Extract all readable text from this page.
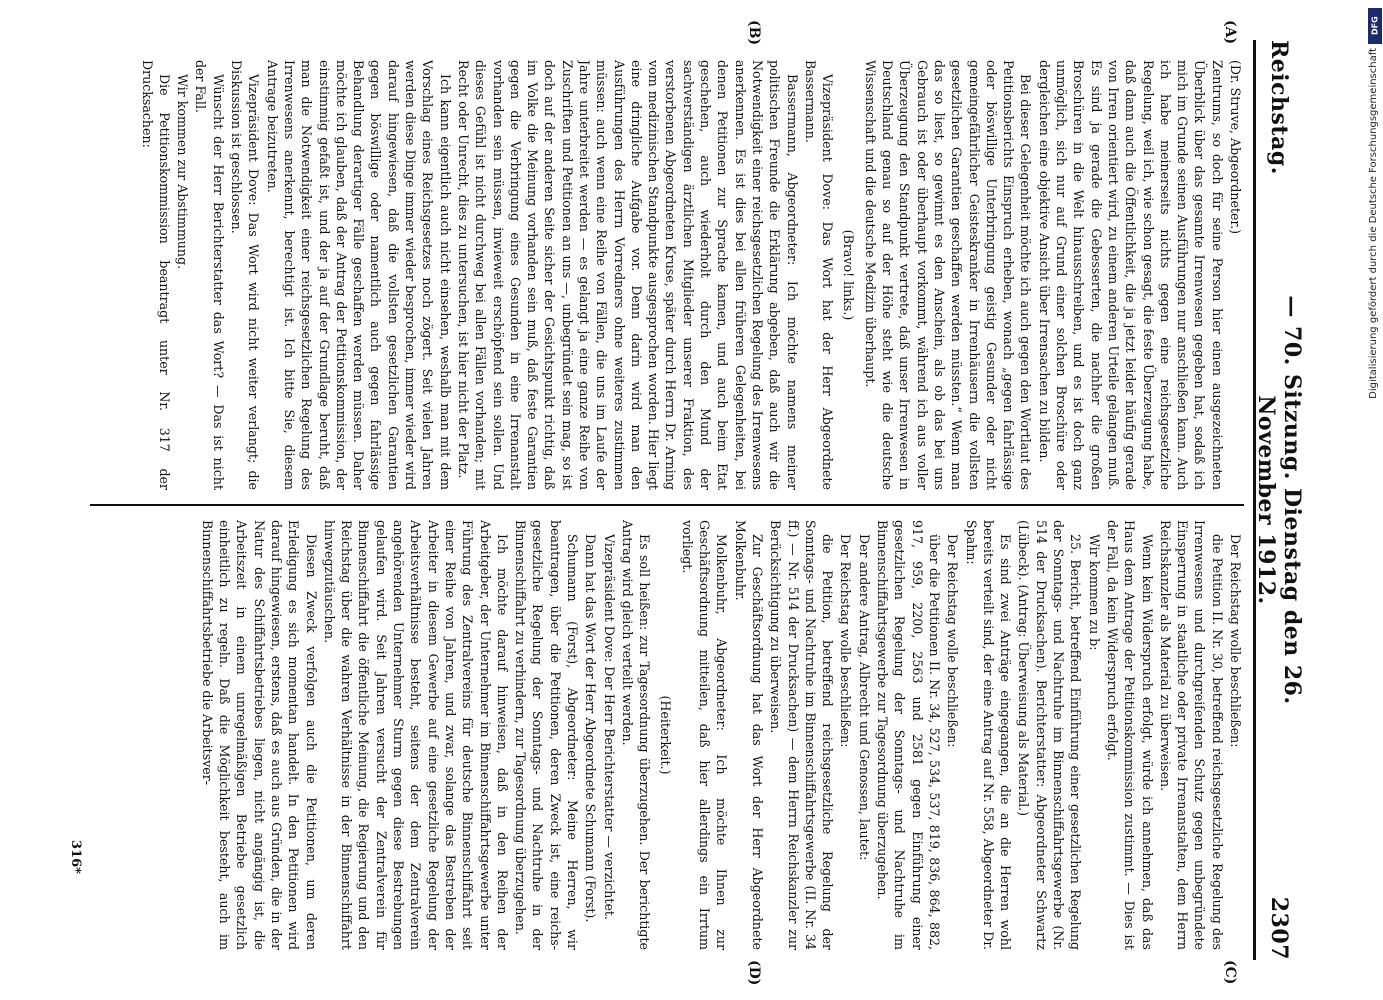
Reichstag.
— 70. Sitzung. Dienstag den 26. November 1912.
2307
(A)
(B)
(C)
(D)

(Dr. Struve, Abgeordneter.)

Zentrums, so doch für seine Person hier einen ausgezeichneten Überblick über das gesamte Irrenwesen gegeben hat, sodaß ich mich im Grunde seinen Ausführungen nur anschließen kann. Auch ich habe meinerseits nichts gegen eine reichsgesetzliche Regelung, weil ich, wie schon gesagt, die feste Überzeugung habe, daß dann auch die Öffentlichkeit, die ja jetzt leider häufig gerade von Irren orientiert wird, zu einem anderen Urteile gelangen muß. Es sind ja gerade die Gebesserten, die nachher die großen Broschüren in die Welt hinausschreiben, und es ist doch ganz unmöglich, sich nur auf Grund einer solchen Broschüre oder dergleichen eine objektive Ansicht über Irrensachen zu bilden.

Bei dieser Gelegenheit möchte ich auch gegen den Wortlaut des Petitionsberichts Einspruch erheben, wonach „gegen fahrlässige oder böswillige Unterbringung geistig Gesunder oder nicht gemeingefährlicher Geisteskranker in Irrenhäusern die vollsten gesetzlichen Garantien geschaffen werden müssten.“ Wenn man das so liest, so gewinnt es den Anschein, als ob das bei uns Gebrauch ist oder überhaupt vorkommt, während ich aus voller Überzeugung den Standpunkt vertrete, daß unser Irrenwesen in Deutschland genau so auf der Höhe steht wie die deutsche Wissenschaft und die deutsche Medizin überhaupt.

(Bravo! links.)

Vizepräsident Dove: Das Wort hat der Herr Abgeordnete Bassermann.

Bassermann, Abgeordneter: Ich möchte namens meiner politischen Freunde die Erklärung abgeben, daß auch wir die Notwendigkeit einer reichsgesetzlichen Regelung des Irrenwesens anerkennen. Es ist dies bei allen früheren Gelegenheiten, bei denen Petitionen zur Sprache kamen, und auch beim Etat geschehen, auch wiederholt durch den Mund der sachverständigen ärztlichen Mitglieder unserer Fraktion, des verstorbenen Abgeordneten Kruse, später durch Herrn Dr. Arning vom medizinischen Standpunkte ausgesprochen worden. Hier liegt eine dringliche Aufgabe vor. Denn darin wird man den Ausführungen des Herrn Vorredners ohne weiteres zustimmen müssen: auch wenn eine Reihe von Fällen, die uns im Laufe der Jahre unterbreitet werden — es gelangt ja eine ganze Reihe von Zuschriften und Petitionen an uns —, unbegründet sein mag, so ist doch auf der anderen Seite sicher der Gesichtspunkt richtig, daß im Volke die Meinung vorhanden sein muß, daß feste Garantien gegen die Verbringung eines Gesunden in eine Irrenanstalt vorhanden sein müssen, inwieweit erschöpfend sein sollen. Und dieses Gefühl ist nicht durchweg bei allen Fällen vorhanden; mit Recht oder Unrecht, dies zu untersuchen, ist hier nicht der Platz.

Ich kann eigentlich auch nicht einsehen, weshalb man mit dem Vorschlag eines Reichsgesetzes noch zögert. Seit vielen Jahren werden diese Dinge immer wieder besprochen, immer wieder wird darauf hingewiesen, daß die vollsten gesetzlichen Garantien gegen böswillige oder namentlich auch gegen fahrlässige Behandlung derartiger Fälle geschaffen werden müssen. Daher möchte ich glauben, daß der Antrag der Petitionskommission, der einstimmig gefaßt ist, und der ja auf der Grundlage beruht, daß man die Notwendigkeit einer reichsgesetzlichen Regelung des Irrenwesens anerkennt, berechtigt ist. Ich bitte Sie, diesem Antrage beizutreten.

Vizepräsident Dove: Das Wort wird nicht weiter verlangt; die Diskussion ist geschlossen.

Wünscht der Herr Berichterstatter das Wort? — Das ist nicht der Fall.

Wir kommen zur Abstimmung.

Die Petitionskommission beantragt unter Nr. 317 der Drucksachen:

Der Reichstag wolle beschließen:

die Petition II. Nr. 30, betreffend reichsgesetzliche Regelung des Irrenwesens und durchgreifenden Schutz gegen unbegründete Einsperrung in staatliche oder private Irrenanstalten, dem Herrn Reichskanzler als Material zu überweisen.

Wenn kein Widerspruch erfolgt, würde ich annehmen, daß das Haus dem Antrage der Petitionskommission zustimmt. — Dies ist der Fall, da kein Widerspruch erfolgt.

Wir kommen zu b:

25. Bericht, betreffend Einführung einer gesetzlichen Regelung der Sonntags- und Nachtruhe im Binnenschiffahrtsgewerbe (Nr. 514 der Drucksachen). Berichterstatter: Abgeordneter Schwartz (Lübeck). (Antrag: Überweisung als Material.)

Es sind zwei Anträge eingegangen, die an die Herren wohl bereits verteilt sind, der eine Antrag auf Nr. 558, Abgeordneter Dr. Spahn:

Der Reichstag wolle beschließen:

über die Petitionen II. Nr. 34, 527, 534, 537, 819, 836, 864, 882, 917, 959, 2200, 2563 und 2581 gegen Einführung einer gesetzlichen Regelung der Sonntags- und Nachtruhe im Binnenschiffahrtsgewerbe zur Tagesordnung überzugehen.

Der andere Antrag, Albrecht und Genossen, lautet:

Der Reichstag wolle beschließen:

die Petition, betreffend reichsgesetzliche Regelung der Sonntags- und Nachtruhe im Binnenschiffahrtsgewerbe (II. Nr. 34 ff.) — Nr. 514 der Drucksachen) — dem Herrn Reichskanzler zur Berücksichtigung zu überweisen.

Zur Geschäftsordnung hat das Wort der Herr Abgeordnete Molkenbuhr.

Molkenbuhr, Abgeordneter: Ich möchte Ihnen zur Geschäftsordnung mitteilen, daß hier allerdings ein Irrtum vorliegt.

(Heiterkeit.)

Es soll heißen: zur Tagesordnung überzugehen. Der berichtigte Antrag wird gleich verteilt werden.

Vizepräsident Dove: Der Herr Berichterstatter — verzichtet.

Dann hat das Wort der Herr Abgeordnete Schumann (Forst).

Schumann (Forst), Abgeordneter: Meine Herren, wir beantragen, über die Petitionen, deren Zweck ist, eine reichsgesetzliche Regelung der Sonntags- und Nachtruhe in der Binnenschiffahrt zu verhindern, zur Tagesordnung überzugehen.

Ich möchte darauf hinweisen, daß in den Reihen der Arbeitgeber, der Unternehmer im Binnenschiffahrtsgewerbe unter Führung des Zentralvereins für deutsche Binnenschiffahrt seit einer Reihe von Jahren, und zwar, solange das Bestreben der Arbeiter in diesem Gewerbe auf eine gesetzliche Regelung der Arbeitsverhältnisse besteht, seitens der dem Zentralverein angehörenden Unternehmer Sturm gegen diese Bestrebungen gelaufen wird. Seit Jahren versucht der Zentralverein für Binnenschiffahrt die öffentliche Meinung, die Regierung und den Reichstag über die wahren Verhältnisse in der Binnenschiffahrt hinwegzutäuschen.

Diesen Zweck verfolgen auch die Petitionen, um deren Erledigung es sich momentan handelt. In den Petitionen wird darauf hingewiesen, erstens, daß es auch aus Gründen, die in der Natur des Schiffahrtsbetriebes liegen, nicht angängig ist, die Arbeitszeit in einem unregelmäßigen Betriebe gesetzlich einheitlich zu regeln. Daß die Möglichkeit besteht, auch im Binnenschiffahrtsbetriebe die Arbeitsver-

316*
DFG
Digitalisierung gefördert durch die Deutsche Forschungsgemeinschaft
